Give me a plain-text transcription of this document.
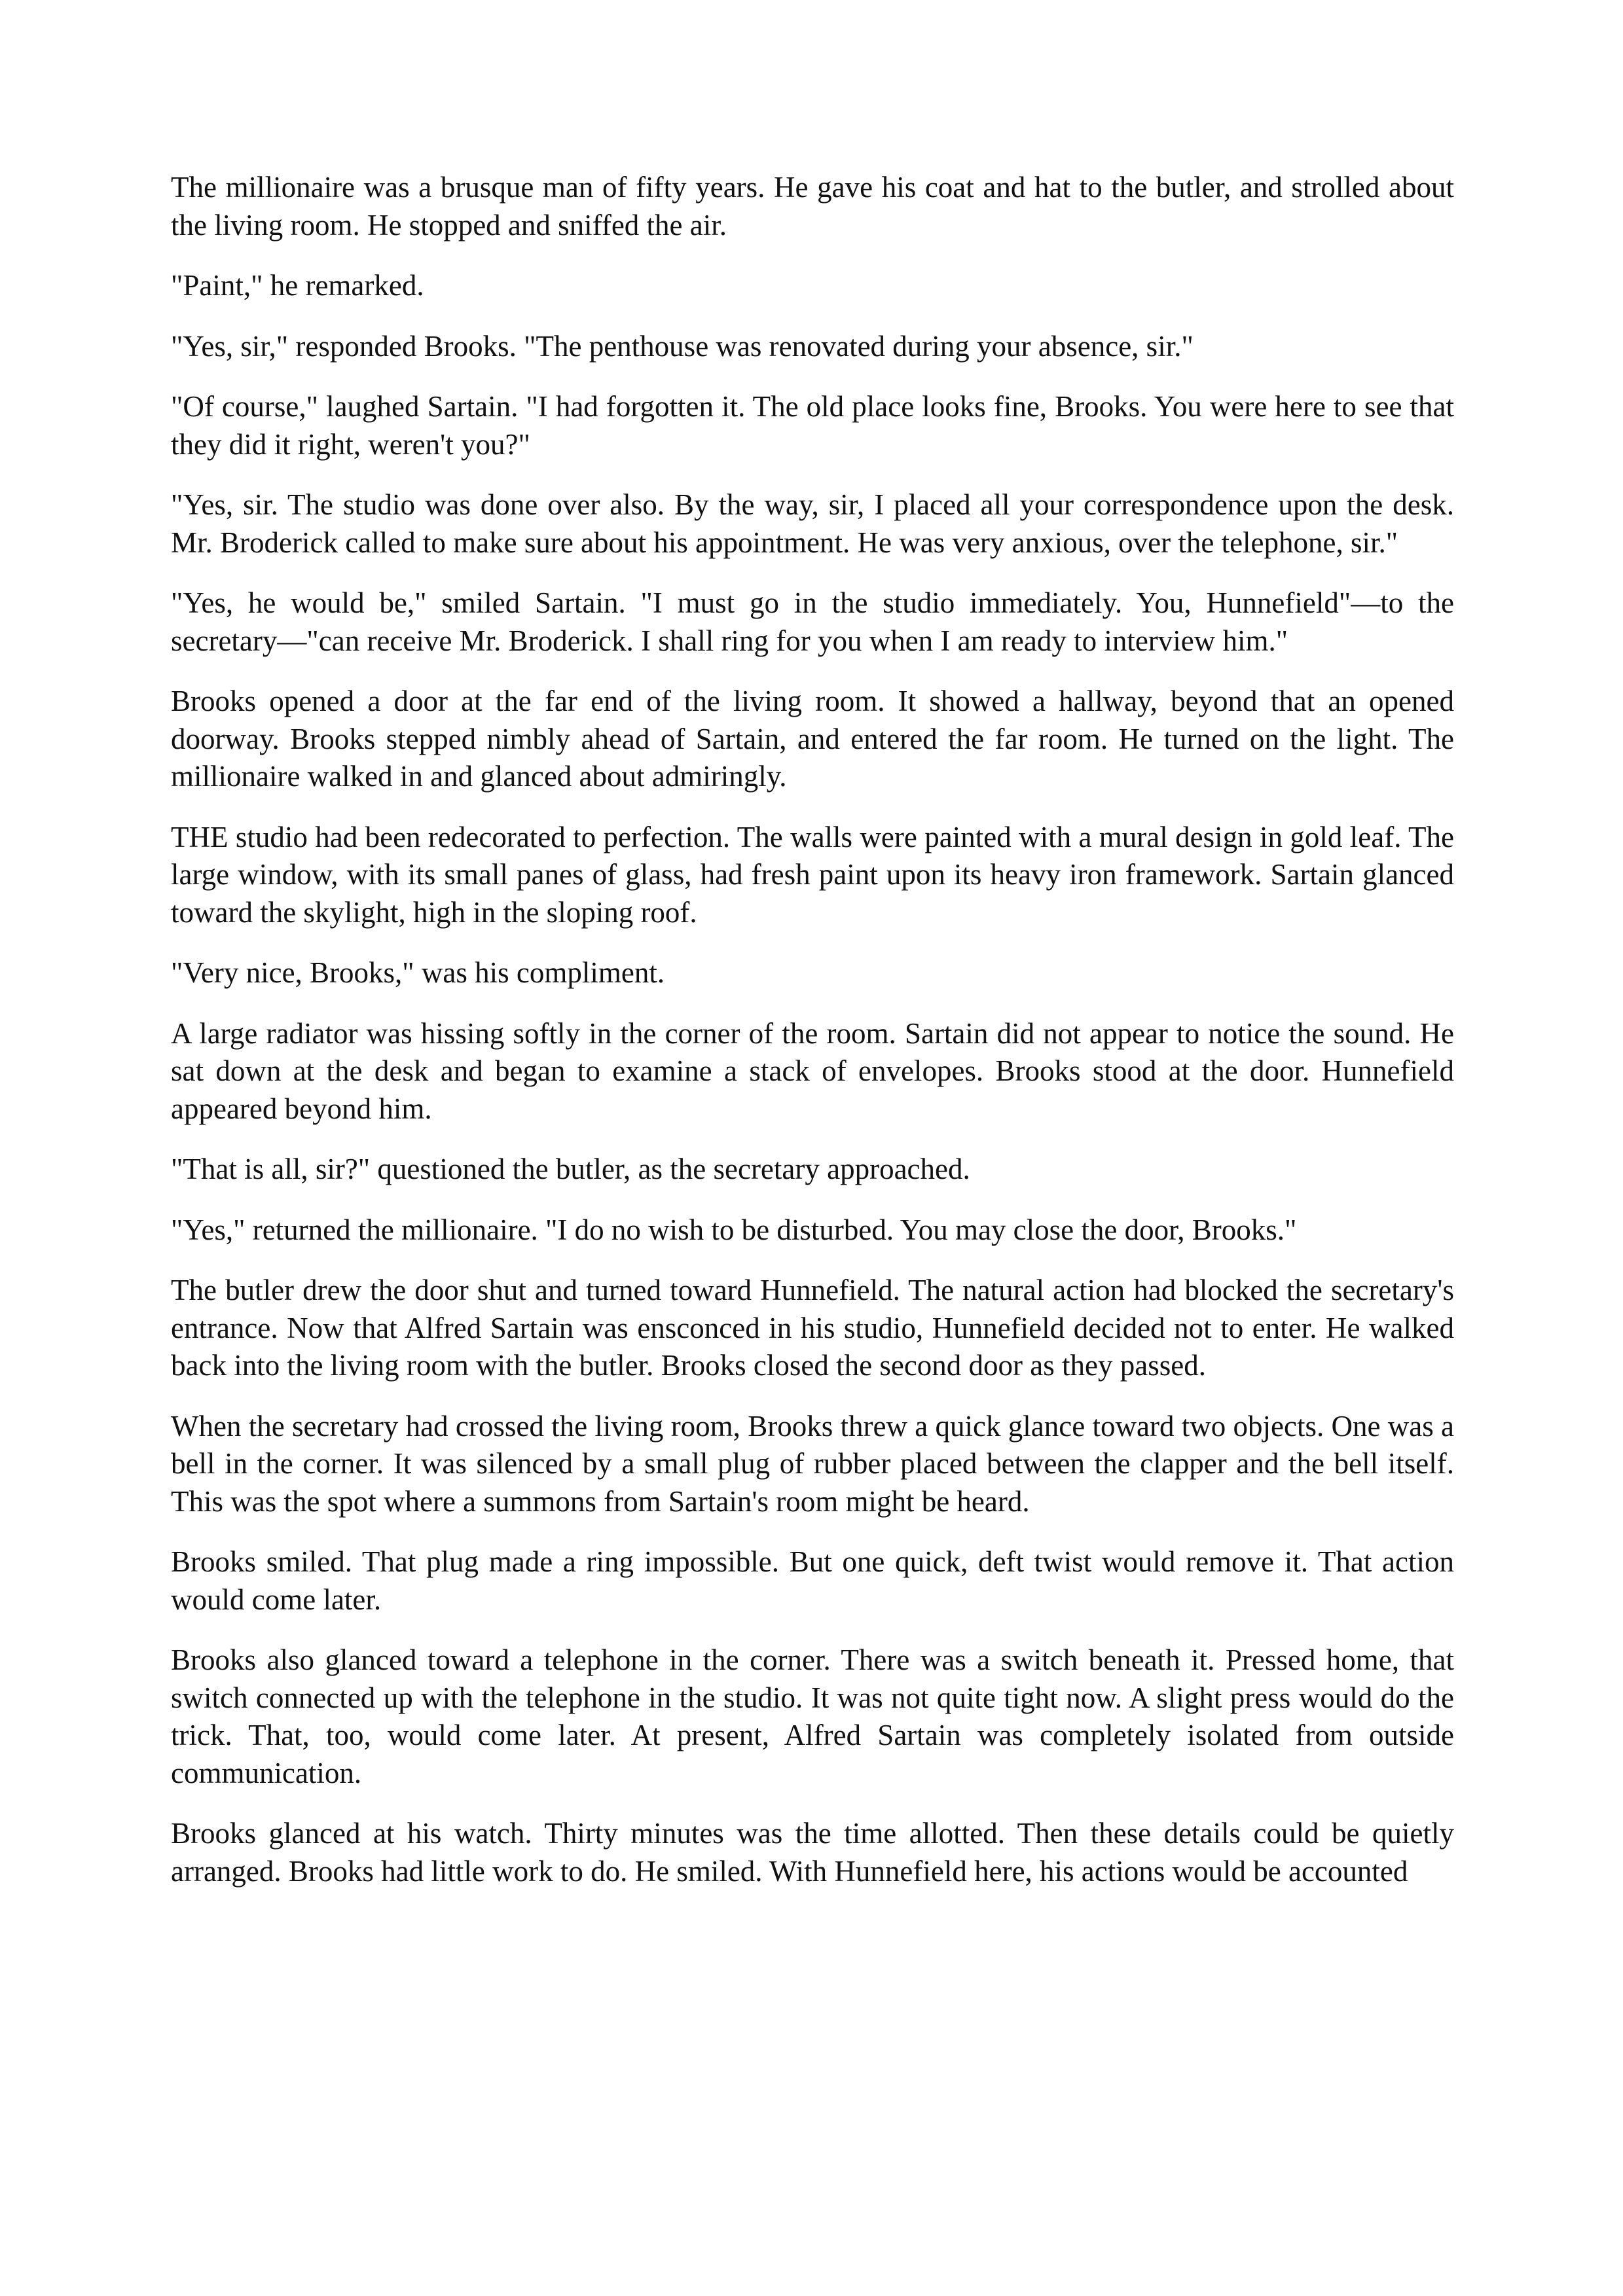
The millionaire was a brusque man of fifty years. He gave his coat and hat to the butler, and strolled about the living room. He stopped and sniffed the air.

"Paint," he remarked.

"Yes, sir," responded Brooks. "The penthouse was renovated during your absence, sir."

"Of course," laughed Sartain. "I had forgotten it. The old place looks fine, Brooks. You were here to see that they did it right, weren't you?"

"Yes, sir. The studio was done over also. By the way, sir, I placed all your correspondence upon the desk. Mr. Broderick called to make sure about his appointment. He was very anxious, over the telephone, sir."

"Yes, he would be," smiled Sartain. "I must go in the studio immediately. You, Hunnefield"—to the secretary—"can receive Mr. Broderick. I shall ring for you when I am ready to interview him."

Brooks opened a door at the far end of the living room. It showed a hallway, beyond that an opened doorway. Brooks stepped nimbly ahead of Sartain, and entered the far room. He turned on the light. The millionaire walked in and glanced about admiringly.

THE studio had been redecorated to perfection. The walls were painted with a mural design in gold leaf. The large window, with its small panes of glass, had fresh paint upon its heavy iron framework. Sartain glanced toward the skylight, high in the sloping roof.

"Very nice, Brooks," was his compliment.

A large radiator was hissing softly in the corner of the room. Sartain did not appear to notice the sound. He sat down at the desk and began to examine a stack of envelopes. Brooks stood at the door. Hunnefield appeared beyond him.

"That is all, sir?" questioned the butler, as the secretary approached.

"Yes," returned the millionaire. "I do no wish to be disturbed. You may close the door, Brooks."

The butler drew the door shut and turned toward Hunnefield. The natural action had blocked the secretary's entrance. Now that Alfred Sartain was ensconced in his studio, Hunnefield decided not to enter. He walked back into the living room with the butler. Brooks closed the second door as they passed.

When the secretary had crossed the living room, Brooks threw a quick glance toward two objects. One was a bell in the corner. It was silenced by a small plug of rubber placed between the clapper and the bell itself. This was the spot where a summons from Sartain's room might be heard.

Brooks smiled. That plug made a ring impossible. But one quick, deft twist would remove it. That action would come later.

Brooks also glanced toward a telephone in the corner. There was a switch beneath it. Pressed home, that switch connected up with the telephone in the studio. It was not quite tight now. A slight press would do the trick. That, too, would come later. At present, Alfred Sartain was completely isolated from outside communication.

Brooks glanced at his watch. Thirty minutes was the time allotted. Then these details could be quietly arranged. Brooks had little work to do. He smiled. With Hunnefield here, his actions would be accounted
